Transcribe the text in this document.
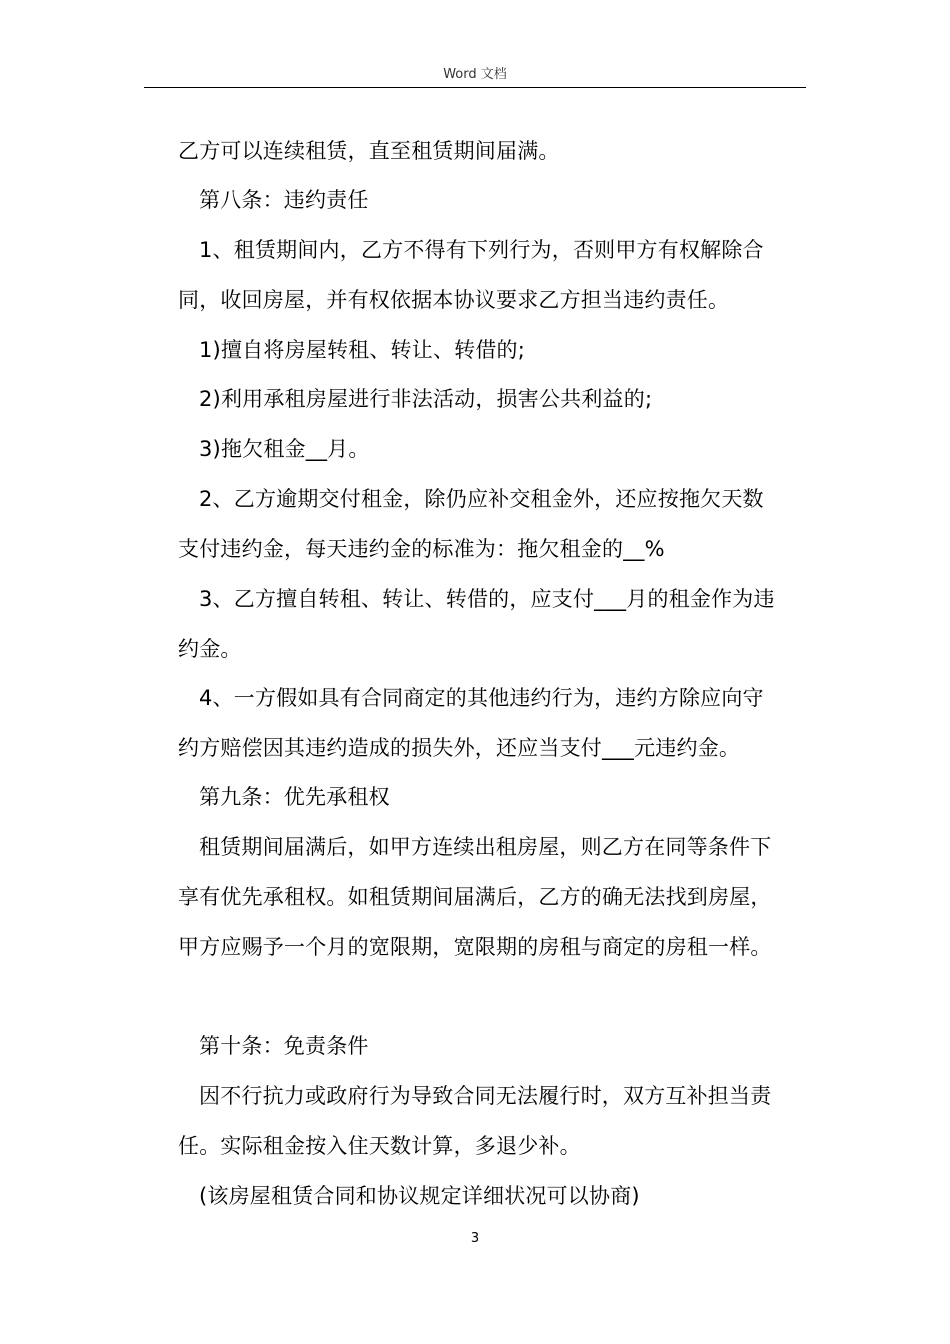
Word 文档
乙方可以连续租赁，直至租赁期间届满。
第八条：违约责任
1、租赁期间内，乙方不得有下列行为，否则甲方有权解除合
同，收回房屋，并有权依据本协议要求乙方担当违约责任。
1)擅自将房屋转租、转让、转借的;
2)利用承租房屋进行非法活动，损害公共利益的;
3)拖欠租金__月。
2、乙方逾期交付租金，除仍应补交租金外，还应按拖欠天数
支付违约金，每天违约金的标准为：拖欠租金的__%
3、乙方擅自转租、转让、转借的，应支付___月的租金作为违
约金。
4、一方假如具有合同商定的其他违约行为，违约方除应向守
约方赔偿因其违约造成的损失外，还应当支付___元违约金。
第九条：优先承租权
租赁期间届满后，如甲方连续出租房屋，则乙方在同等条件下
享有优先承租权。如租赁期间届满后，乙方的确无法找到房屋，
甲方应赐予一个月的宽限期，宽限期的房租与商定的房租一样。
第十条：免责条件
因不行抗力或政府行为导致合同无法履行时，双方互补担当责
任。实际租金按入住天数计算，多退少补。
(该房屋租赁合同和协议规定详细状况可以协商)
3
